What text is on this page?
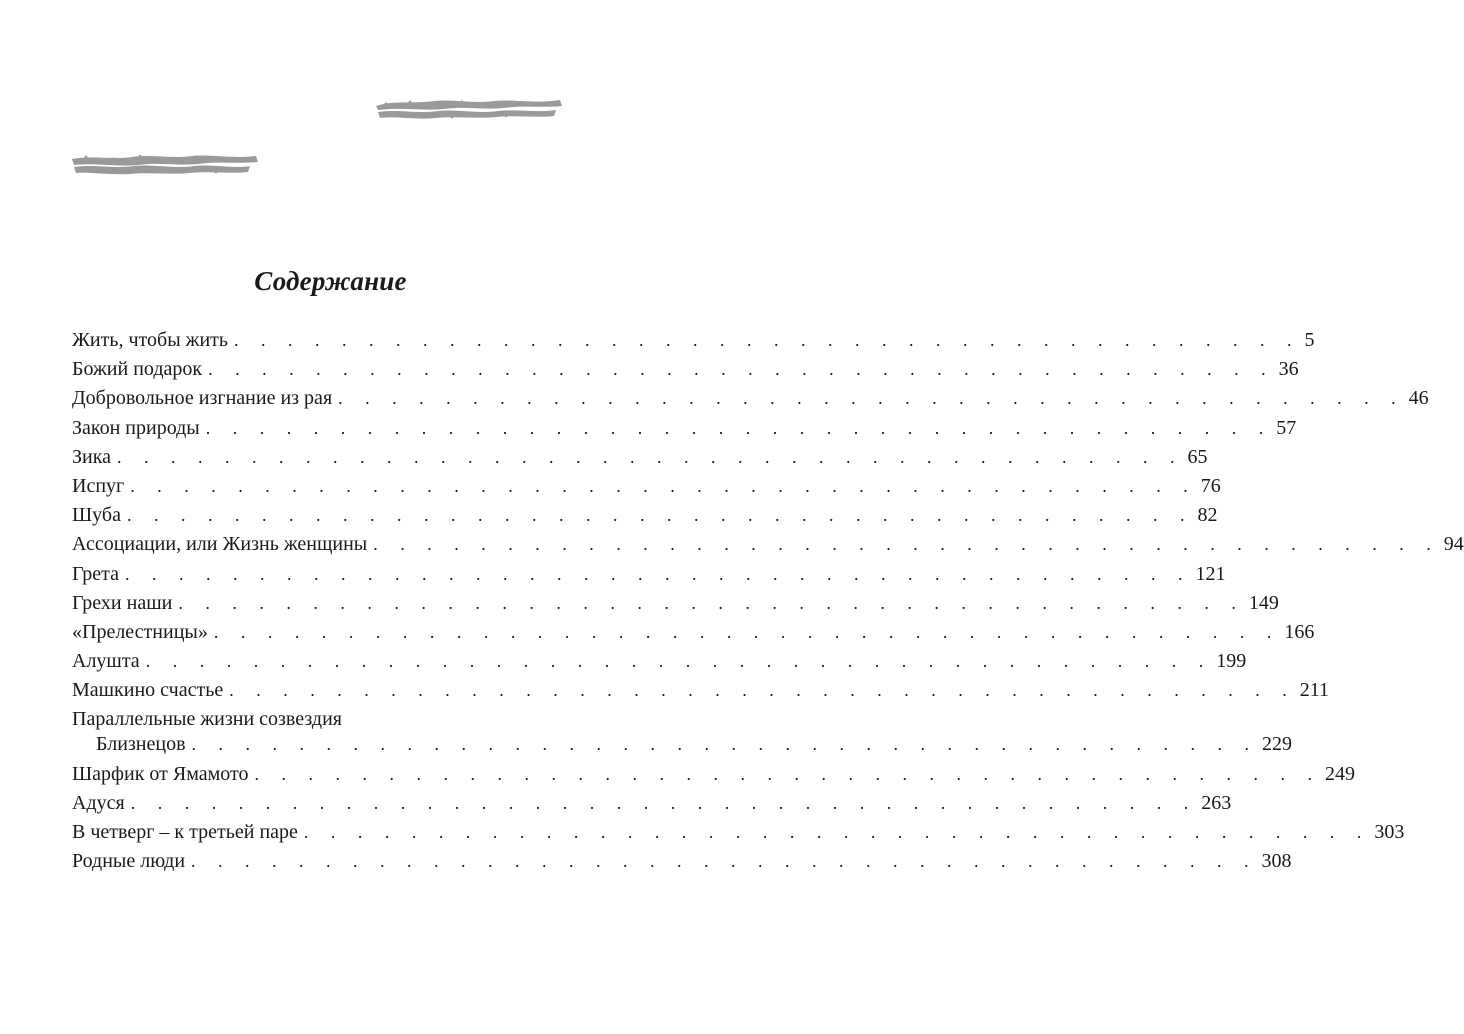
Содержание
Жить, чтобы жить . . . . . . . . . . . . . . . . . . . . . . . . . . . . . . . . . . . . . . . . 5
Божий подарок . . . . . . . . . . . . . . . . . . . . . . . . . . . . . . . . . . . . . . . . 36
Добровольное изгнание из рая . . . . . . . . . . . . . . . . . . . . . . . . . . . . . . . . . . . . . . . . 46
Закон природы . . . . . . . . . . . . . . . . . . . . . . . . . . . . . . . . . . . . . . . . 57
Зика . . . . . . . . . . . . . . . . . . . . . . . . . . . . . . . . . . . . . . . . 65
Испуг . . . . . . . . . . . . . . . . . . . . . . . . . . . . . . . . . . . . . . . . 76
Шуба . . . . . . . . . . . . . . . . . . . . . . . . . . . . . . . . . . . . . . . . 82
Ассоциации, или Жизнь женщины . . . . . . . . . . . . . . . . . . . . . . . . . . . . . . . . . . . . . . . . 94
Грета . . . . . . . . . . . . . . . . . . . . . . . . . . . . . . . . . . . . . . . . 121
Грехи наши . . . . . . . . . . . . . . . . . . . . . . . . . . . . . . . . . . . . . . . . 149
«Прелестницы» . . . . . . . . . . . . . . . . . . . . . . . . . . . . . . . . . . . . . . . . 166
Алушта . . . . . . . . . . . . . . . . . . . . . . . . . . . . . . . . . . . . . . . . 199
Машкино счастье . . . . . . . . . . . . . . . . . . . . . . . . . . . . . . . . . . . . . . . . 211
Параллельные жизни созвездия
Близнецов . . . . . . . . . . . . . . . . . . . . . . . . . . . . . . . . . . . . . . . . 229
Шарфик от Ямамото . . . . . . . . . . . . . . . . . . . . . . . . . . . . . . . . . . . . . . . . 249
Адуся . . . . . . . . . . . . . . . . . . . . . . . . . . . . . . . . . . . . . . . . 263
В четверг – к третьей паре . . . . . . . . . . . . . . . . . . . . . . . . . . . . . . . . . . . . . . . . 303
Родные люди . . . . . . . . . . . . . . . . . . . . . . . . . . . . . . . . . . . . . . . . 308
